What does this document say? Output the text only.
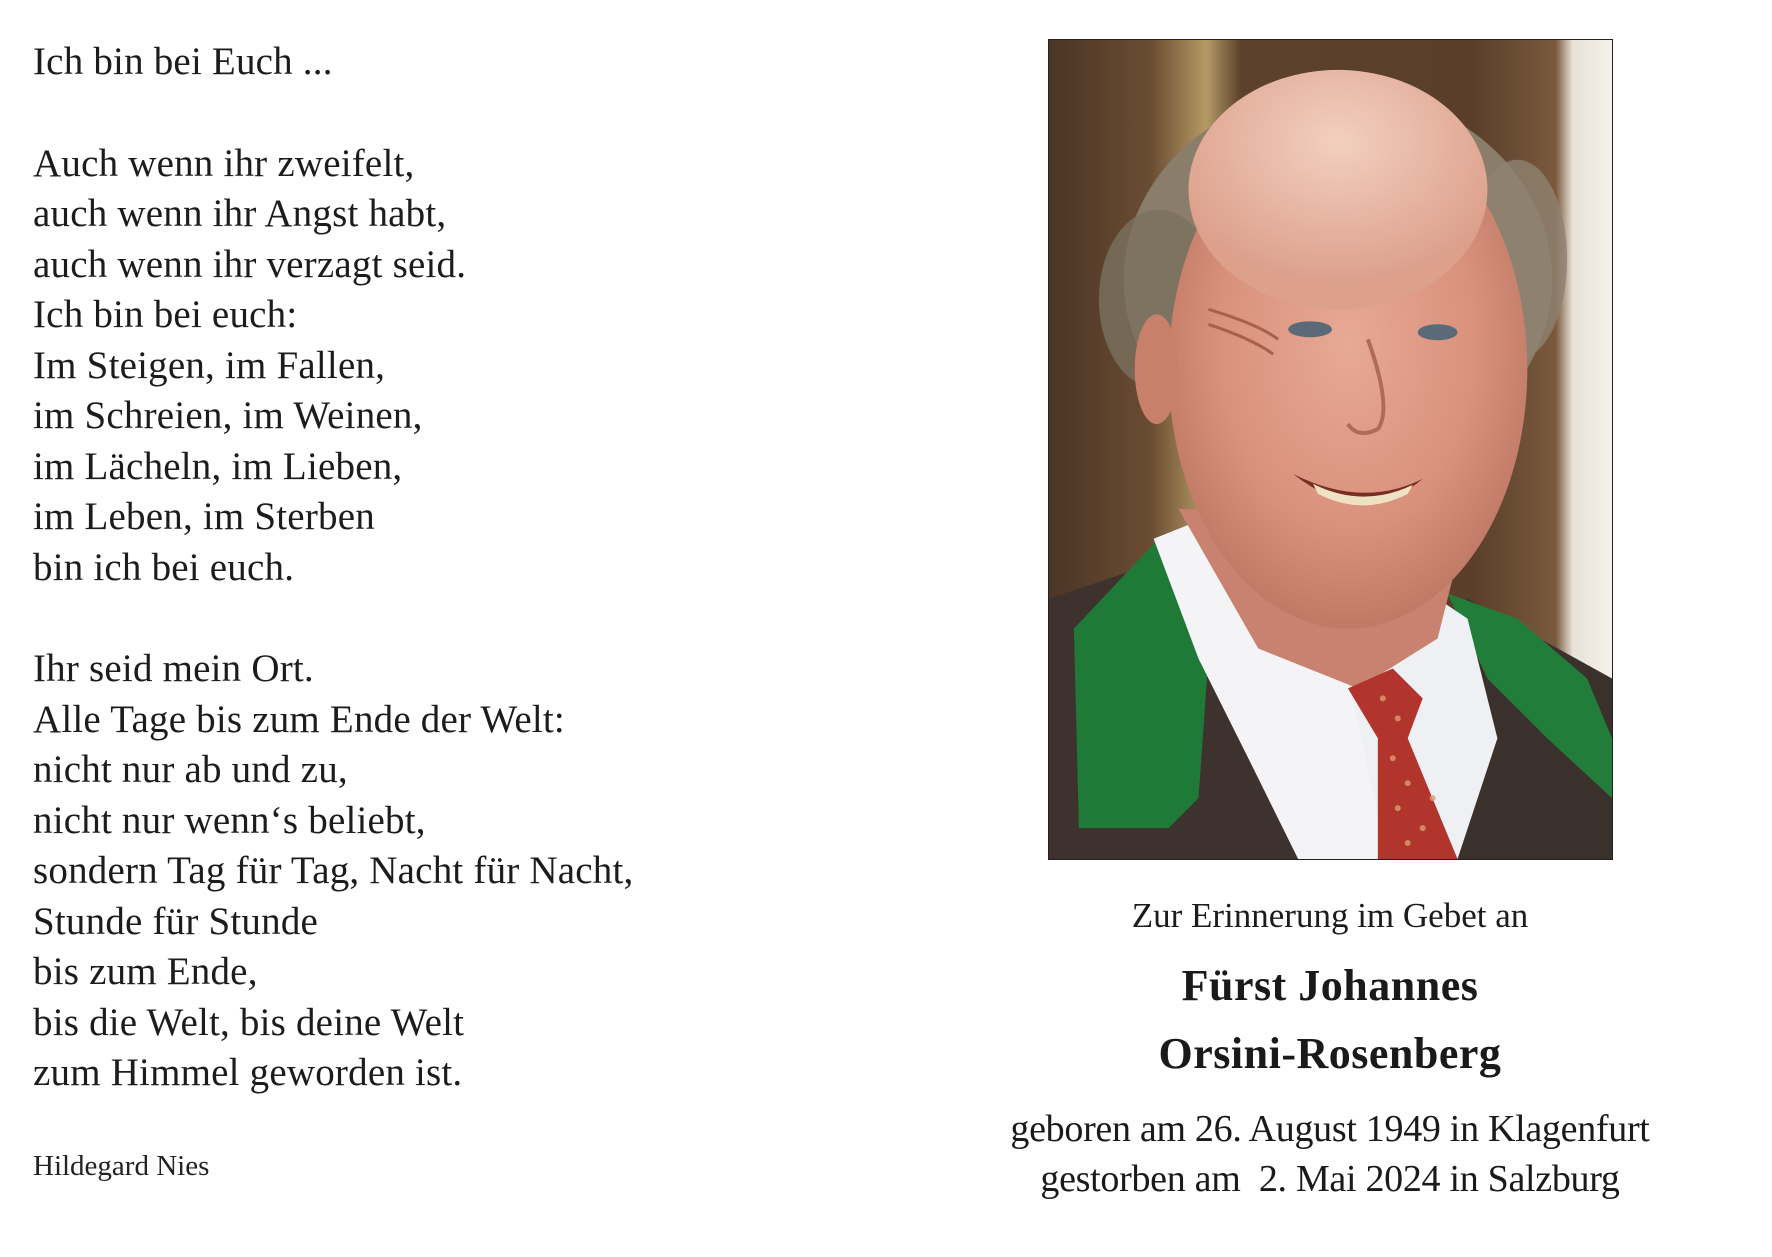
Ich bin bei Euch ...
Auch wenn ihr zweifelt,
auch wenn ihr Angst habt,
auch wenn ihr verzagt seid.
Ich bin bei euch:
Im Steigen, im Fallen,
im Schreien, im Weinen,
im Lächeln, im Lieben,
im Leben, im Sterben
bin ich bei euch.
Ihr seid mein Ort.
Alle Tage bis zum Ende der Welt:
nicht nur ab und zu,
nicht nur wenn‘s beliebt,
sondern Tag für Tag, Nacht für Nacht,
Stunde für Stunde
bis zum Ende,
bis die Welt, bis deine Welt
zum Himmel geworden ist.
Hildegard Nies
Zur Erinnerung im Gebet an
Fürst Johannes
Orsini-Rosenberg
geboren am 26. August 1949 in Klagenfurt
gestorben am  2. Mai 2024 in Salzburg
